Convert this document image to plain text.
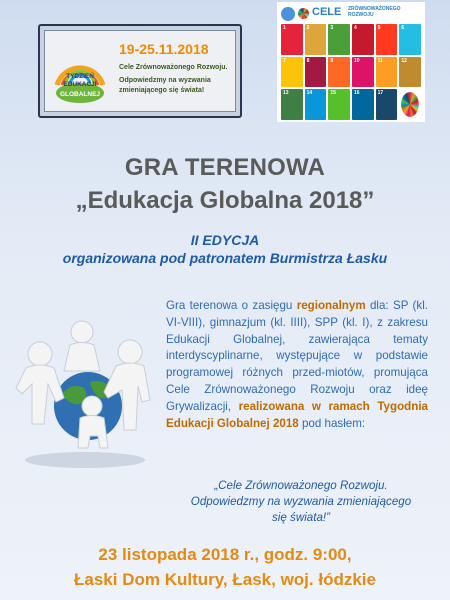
TYDZIEŃ
EDUKACJI
GLOBALNEJ
19-25.11.2018
Cele Zrównoważonego Rozwoju.
Odpowiedzmy na wyzwania
zmieniającego się świata!
CELE ZRÓWNOWAŻONEGO
ROZWOJU
1	2	3	4	5	6
7	8	9	10	11	12
13	14	15	16	17
GRA TERENOWA
„Edukacja Globalna 2018”
II EDYCJA
organizowana pod patronatem Burmistrza Łasku
Gra terenowa o zasięgu regionalnym dla: SP (kl. VI-VIII), gimnazjum (kl. IIII), SPP (kl. I), z zakresu Edukacji Globalnej, zawierająca tematy interdyscyplinarne, występujące w podstawie programowej różnych przed-miotów, promująca Cele Zrównoważonego Rozwoju oraz ideę Grywalizacji, realizowana w ramach Tygodnia Edukacji Globalnej 2018 pod hasłem:
„Cele Zrównoważonego Rozwoju.
Odpowiedzmy na wyzwania zmieniającego
się świata!”
23 listopada 2018 r., godz. 9:00,
Łaski Dom Kultury, Łask, woj. łódzkie
